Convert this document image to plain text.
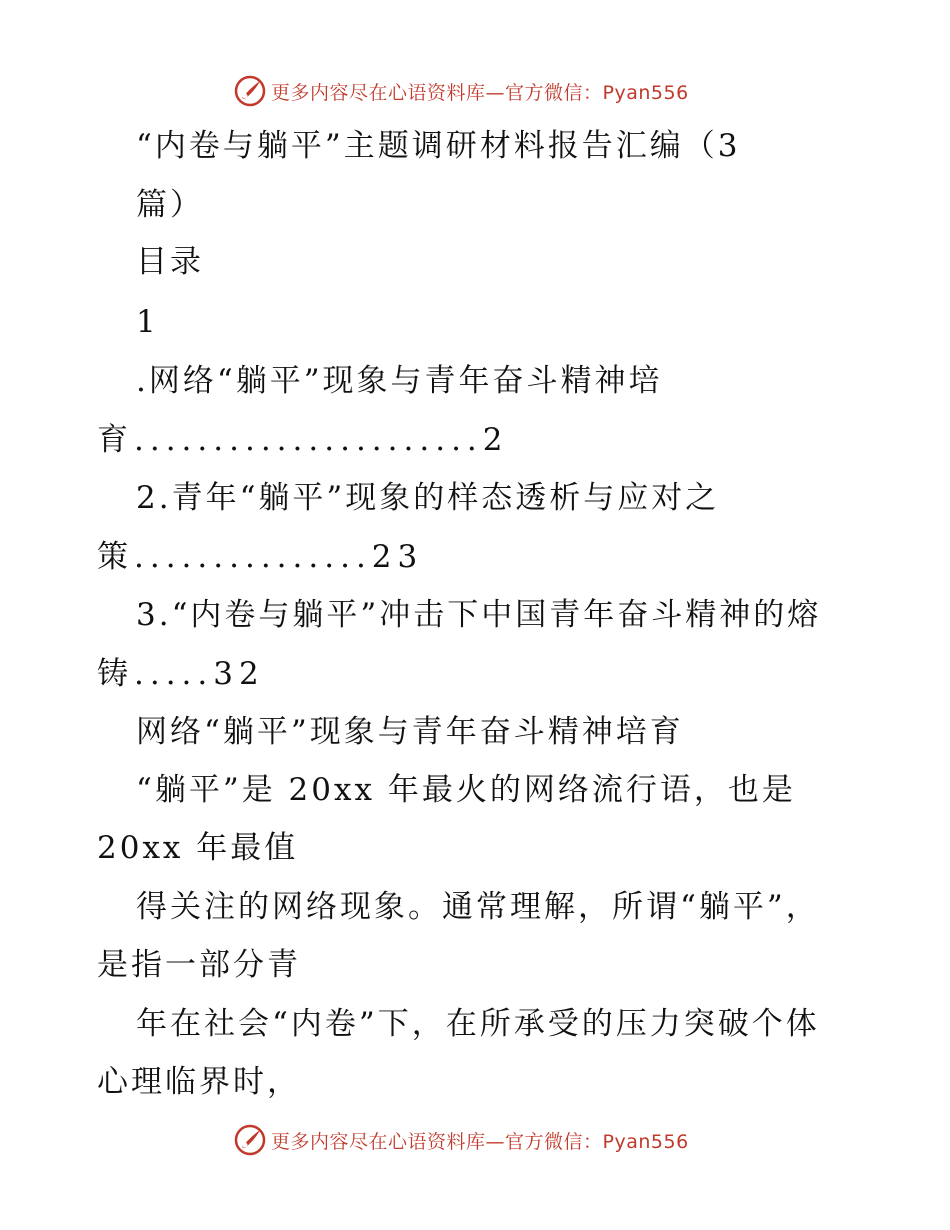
更多内容尽在心语资料库—官方微信：Pyan556
“内卷与躺平”主题调研材料报告汇编（3
篇）
目录
1
.网络“躺平”现象与青年奋斗精神培
育......................2
2.青年“躺平”现象的样态透析与应对之
策...............23
3.“内卷与躺平”冲击下中国青年奋斗精神的熔
铸.....32
网络“躺平”现象与青年奋斗精神培育
“躺平”是 20xx 年最火的网络流行语，也是
20xx 年最值
得关注的网络现象。通常理解，所谓“躺平”，
是指一部分青
年在社会“内卷”下，在所承受的压力突破个体
心理临界时，
更多内容尽在心语资料库—官方微信：Pyan556
